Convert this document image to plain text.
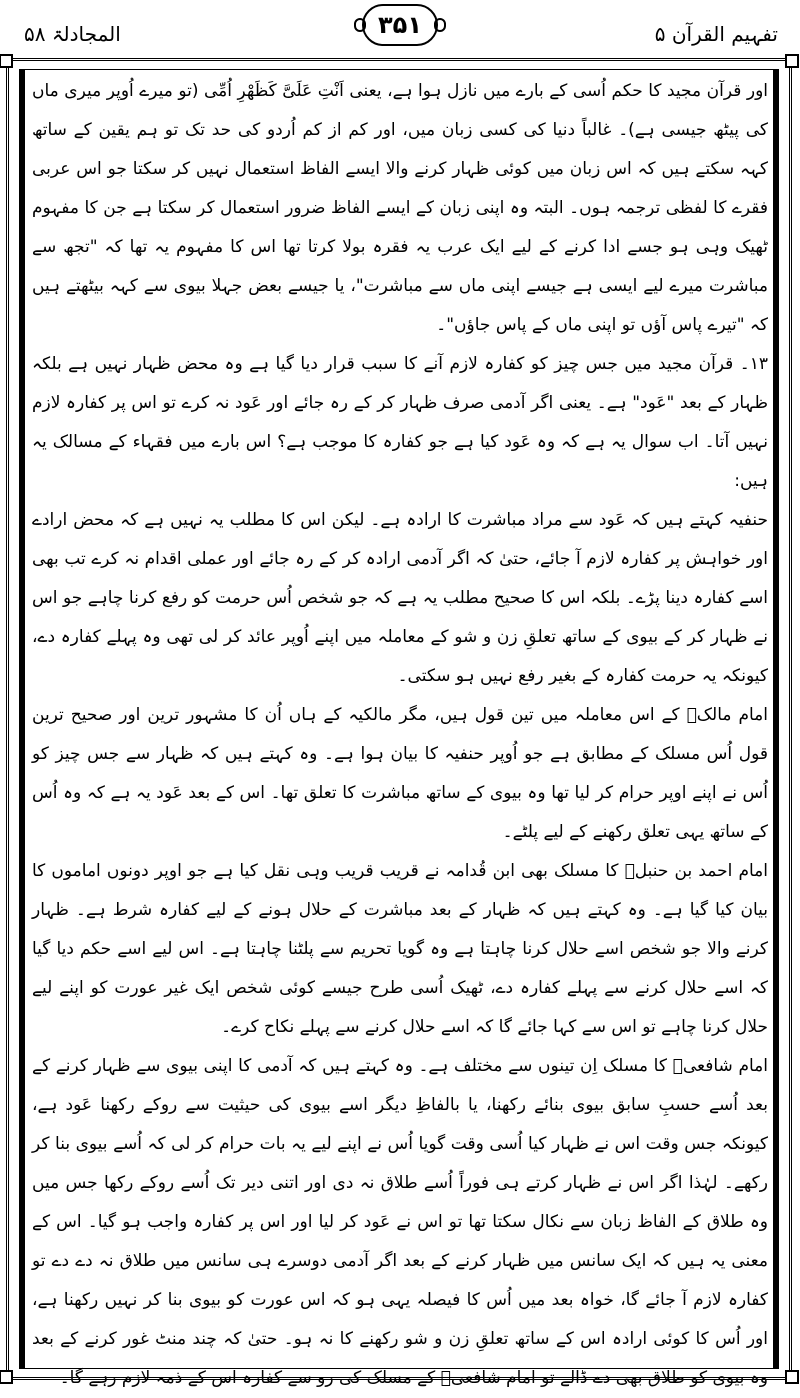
تفہیم القرآن ۵
۳۵۱
المجادلۃ ۵۸

اور قرآن مجید کا حکم اُسی کے بارے میں نازل ہوا ہے، یعنی اَنْتِ عَلَیَّ کَظَھْرِ اُمِّی (تو میرے اُوپر میری ماں کی پیٹھ جیسی ہے)۔ غالباً دنیا کی کسی زبان میں، اور کم از کم اُردو کی حد تک تو ہم یقین کے ساتھ کہہ سکتے ہیں کہ اس زبان میں کوئی ظہار کرنے والا ایسے الفاظ استعمال نہیں کر سکتا جو اس عربی فقرے کا لفظی ترجمہ ہوں۔ البتہ وہ اپنی زبان کے ایسے الفاظ ضرور استعمال کر سکتا ہے جن کا مفہوم ٹھیک وہی ہو جسے ادا کرنے کے لیے ایک عرب یہ فقرہ بولا کرتا تھا اس کا مفہوم یہ تھا کہ "تجھ سے مباشرت میرے لیے ایسی ہے جیسے اپنی ماں سے مباشرت"، یا جیسے بعض جہلا بیوی سے کہہ بیٹھتے ہیں کہ "تیرے پاس آؤں تو اپنی ماں کے پاس جاؤں"۔

۱۳۔ قرآن مجید میں جس چیز کو کفارہ لازم آنے کا سبب قرار دیا گیا ہے وہ محض ظہار نہیں ہے بلکہ ظہار کے بعد "عَود" ہے۔ یعنی اگر آدمی صرف ظہار کر کے رہ جائے اور عَود نہ کرے تو اس پر کفارہ لازم نہیں آتا۔ اب سوال یہ ہے کہ وہ عَود کیا ہے جو کفارہ کا موجب ہے؟ اس بارے میں فقہاء کے مسالک یہ ہیں:

حنفیہ کہتے ہیں کہ عَود سے مراد مباشرت کا ارادہ ہے۔ لیکن اس کا مطلب یہ نہیں ہے کہ محض ارادے اور خواہش پر کفارہ لازم آ جائے، حتیٰ کہ اگر آدمی ارادہ کر کے رہ جائے اور عملی اقدام نہ کرے تب بھی اسے کفارہ دینا پڑے۔ بلکہ اس کا صحیح مطلب یہ ہے کہ جو شخص اُس حرمت کو رفع کرنا چاہے جو اس نے ظہار کر کے بیوی کے ساتھ تعلقِ زن و شو کے معاملہ میں اپنے اُوپر عائد کر لی تھی وہ پہلے کفارہ دے، کیونکہ یہ حرمت کفارہ کے بغیر رفع نہیں ہو سکتی۔

امام مالکؒ کے اس معاملہ میں تین قول ہیں، مگر مالکیہ کے ہاں اُن کا مشہور ترین اور صحیح ترین قول اُس مسلک کے مطابق ہے جو اُوپر حنفیہ کا بیان ہوا ہے۔ وہ کہتے ہیں کہ ظہار سے جس چیز کو اُس نے اپنے اوپر حرام کر لیا تھا وہ بیوی کے ساتھ مباشرت کا تعلق تھا۔ اس کے بعد عَود یہ ہے کہ وہ اُس کے ساتھ یہی تعلق رکھنے کے لیے پلٹے۔

امام احمد بن حنبلؒ کا مسلک بھی ابن قُدامہ نے قریب قریب وہی نقل کیا ہے جو اوپر دونوں اماموں کا بیان کیا گیا ہے۔ وہ کہتے ہیں کہ ظہار کے بعد مباشرت کے حلال ہونے کے لیے کفارہ شرط ہے۔ ظہار کرنے والا جو شخص اسے حلال کرنا چاہتا ہے وہ گویا تحریم سے پلٹنا چاہتا ہے۔ اس لیے اسے حکم دیا گیا کہ اسے حلال کرنے سے پہلے کفارہ دے، ٹھیک اُسی طرح جیسے کوئی شخص ایک غیر عورت کو اپنے لیے حلال کرنا چاہے تو اس سے کہا جائے گا کہ اسے حلال کرنے سے پہلے نکاح کرے۔

امام شافعیؒ کا مسلک اِن تینوں سے مختلف ہے۔ وہ کہتے ہیں کہ آدمی کا اپنی بیوی سے ظہار کرنے کے بعد اُسے حسبِ سابق بیوی بنائے رکھنا، یا بالفاظِ دیگر اسے بیوی کی حیثیت سے روکے رکھنا عَود ہے، کیونکہ جس وقت اس نے ظہار کیا اُسی وقت گویا اُس نے اپنے لیے یہ بات حرام کر لی کہ اُسے بیوی بنا کر رکھے۔ لہٰذا اگر اس نے ظہار کرتے ہی فوراً اُسے طلاق نہ دی اور اتنی دیر تک اُسے روکے رکھا جس میں وہ طلاق کے الفاظ زبان سے نکال سکتا تھا تو اس نے عَود کر لیا اور اس پر کفارہ واجب ہو گیا۔ اس کے معنی یہ ہیں کہ ایک سانس میں ظہار کرنے کے بعد اگر آدمی دوسرے ہی سانس میں طلاق نہ دے دے تو کفارہ لازم آ جائے گا، خواہ بعد میں اُس کا فیصلہ یہی ہو کہ اس عورت کو بیوی بنا کر نہیں رکھنا ہے، اور اُس کا کوئی ارادہ اس کے ساتھ تعلقِ زن و شو رکھنے کا نہ ہو۔ حتیٰ کہ چند منٹ غور کرنے کے بعد وہ بیوی کو طلاق بھی دے ڈالے تو امام شافعیؒ کے مسلک کی رو سے کفارہ اس کے ذمہ لازم رہے گا۔
